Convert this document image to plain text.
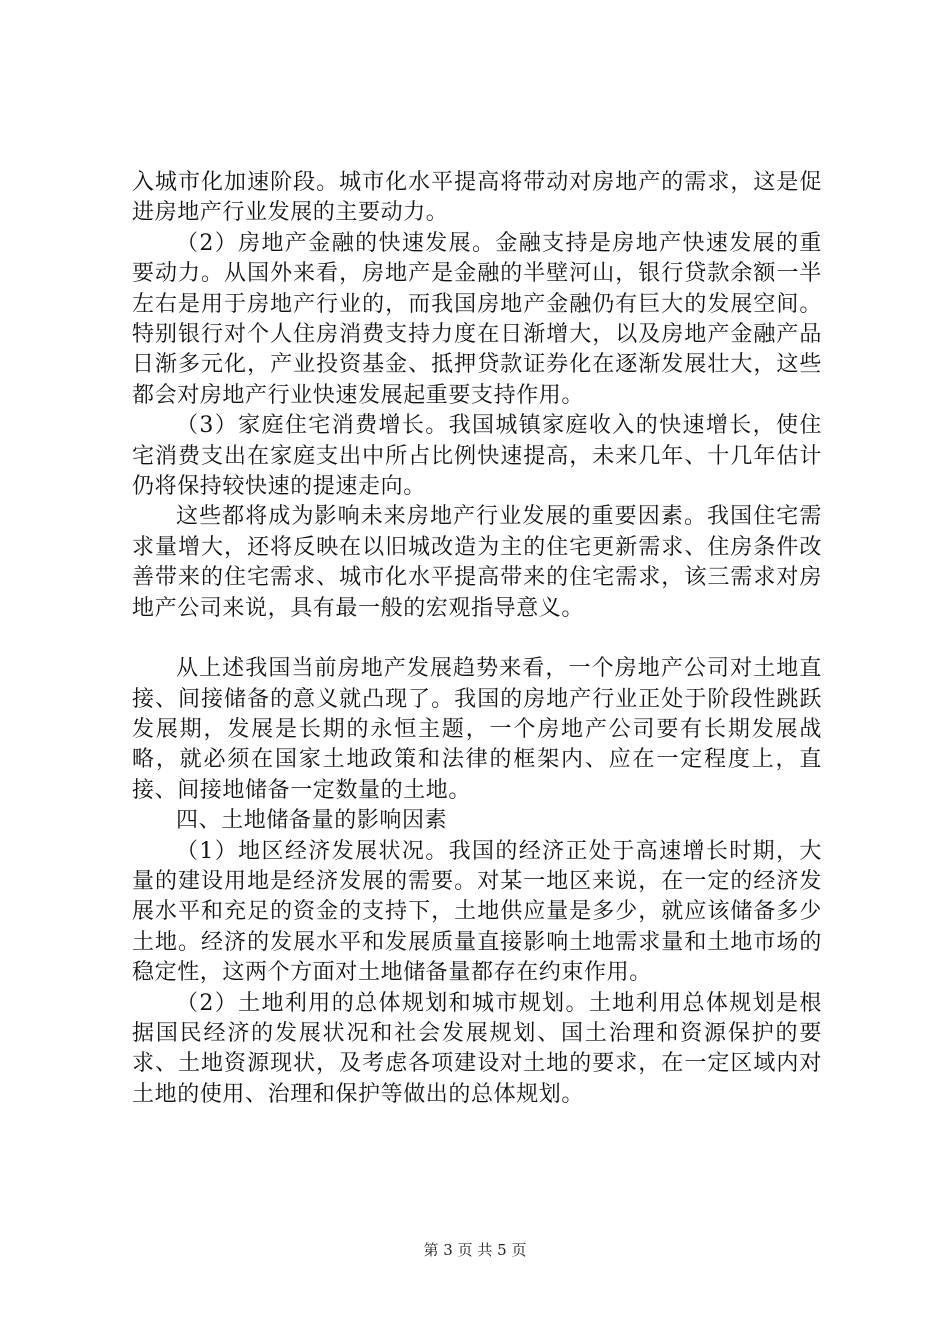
入城市化加速阶段。城市化水平提高将带动对房地产的需求，这是促进房地产行业发展的主要动力。

（2）房地产金融的快速发展。金融支持是房地产快速发展的重要动力。从国外来看，房地产是金融的半壁河山，银行贷款余额一半左右是用于房地产行业的，而我国房地产金融仍有巨大的发展空间。特别银行对个人住房消费支持力度在日渐增大，以及房地产金融产品日渐多元化，产业投资基金、抵押贷款证券化在逐渐发展壮大，这些都会对房地产行业快速发展起重要支持作用。

（3）家庭住宅消费增长。我国城镇家庭收入的快速增长，使住宅消费支出在家庭支出中所占比例快速提高，未来几年、十几年估计仍将保持较快速的提速走向。

这些都将成为影响未来房地产行业发展的重要因素。我国住宅需求量增大，还将反映在以旧城改造为主的住宅更新需求、住房条件改善带来的住宅需求、城市化水平提高带来的住宅需求，该三需求对房地产公司来说，具有最一般的宏观指导意义。

从上述我国当前房地产发展趋势来看，一个房地产公司对土地直接、间接储备的意义就凸现了。我国的房地产行业正处于阶段性跳跃发展期，发展是长期的永恒主题，一个房地产公司要有长期发展战略，就必须在国家土地政策和法律的框架内、应在一定程度上，直接、间接地储备一定数量的土地。

四、土地储备量的影响因素

（1）地区经济发展状况。我国的经济正处于高速增长时期，大量的建设用地是经济发展的需要。对某一地区来说，在一定的经济发展水平和充足的资金的支持下，土地供应量是多少，就应该储备多少土地。经济的发展水平和发展质量直接影响土地需求量和土地市场的稳定性，这两个方面对土地储备量都存在约束作用。

（2）土地利用的总体规划和城市规划。土地利用总体规划是根据国民经济的发展状况和社会发展规划、国土治理和资源保护的要求、土地资源现状，及考虑各项建设对土地的要求，在一定区域内对土地的使用、治理和保护等做出的总体规划。

第 3 页 共 5 页
